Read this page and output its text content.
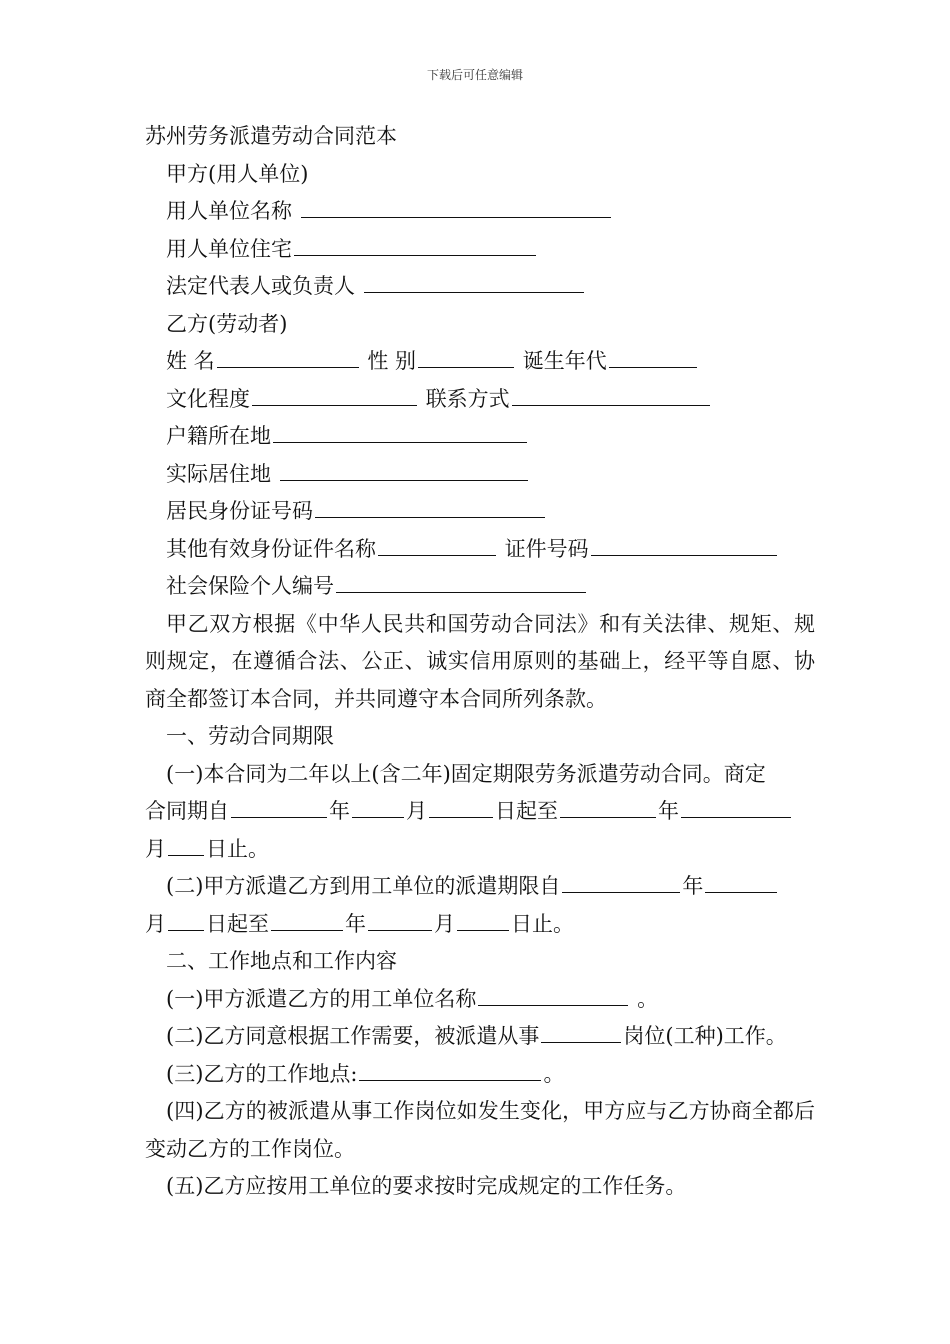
下载后可任意编辑
苏州劳务派遣劳动合同范本
甲方(用人单位)
用人单位名称
用人单位住宅
法定代表人或负责人
乙方(劳动者)
姓 名	性 别	诞生年代
文化程度	联系方式
户籍所在地
实际居住地
居民身份证号码
其他有效身份证件名称	证件号码
社会保险个人编号
甲乙双方根据《中华人民共和国劳动合同法》和有关法律、规矩、规则规定，在遵循合法、公正、诚实信用原则的基础上，经平等自愿、协商全都签订本合同，并共同遵守本合同所列条款。
一、劳动合同期限
(一)本合同为二年以上(含二年)固定期限劳务派遣劳动合同。商定
合同期自	年	月	日起至	年
月 日止。
(二)甲方派遣乙方到用工单位的派遣期限自	年
月 日起至	年	月	日止。
二、工作地点和工作内容
(一)甲方派遣乙方的用工单位名称	。
(二)乙方同意根据工作需要，被派遣从事	岗位(工种)工作。
(三)乙方的工作地点:	。
(四)乙方的被派遣从事工作岗位如发生变化，甲方应与乙方协商全都后变动乙方的工作岗位。
(五)乙方应按用工单位的要求按时完成规定的工作任务。
